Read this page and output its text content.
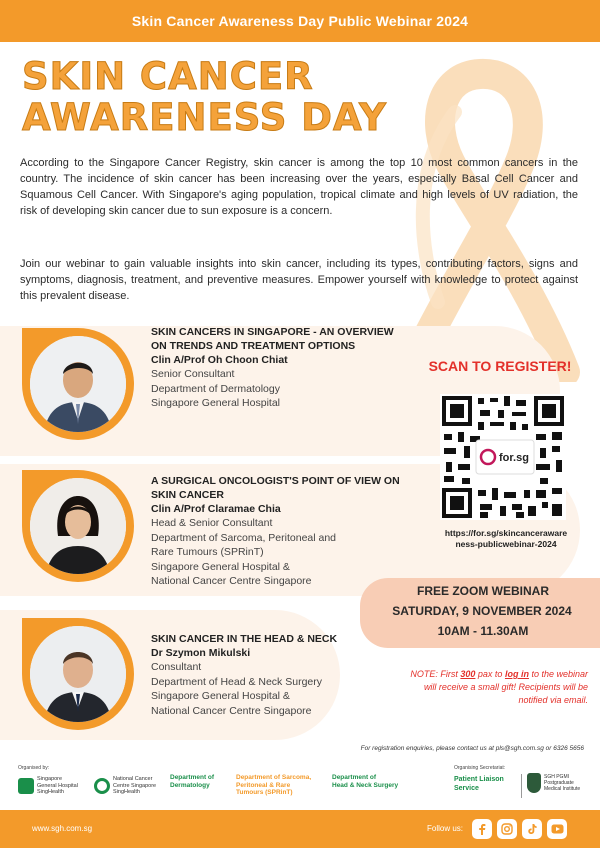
Skin Cancer Awareness Day Public Webinar 2024
SKIN CANCER
AWARENESS DAY

According to the Singapore Cancer Registry, skin cancer is among the top 10 most common cancers in the country. The incidence of skin cancer has been increasing over the years, especially Basal Cell Cancer and Squamous Cell Cancer. With Singapore's aging population, tropical climate and high levels of UV radiation, the risk of developing skin cancer due to sun exposure is a concern.

Join our webinar to gain valuable insights into skin cancer, including its types, contributing factors, signs and symptoms, diagnosis, treatment, and preventive measures. Empower yourself with knowledge to protect against this prevalent disease.

SKIN CANCERS IN SINGAPORE - AN OVERVIEW ON TRENDS AND TREATMENT OPTIONS
Clin A/Prof Oh Choon Chiat
Senior Consultant
Department of Dermatology
Singapore General Hospital
A SURGICAL ONCOLOGIST'S POINT OF VIEW ON SKIN CANCER
Clin A/Prof Claramae Chia
Head & Senior Consultant
Department of Sarcoma, Peritoneal and Rare Tumours (SPRinT)
Singapore General Hospital &
National Cancer Centre Singapore
SKIN CANCER IN THE HEAD & NECK
Dr Szymon Mikulski
Consultant
Department of Head & Neck Surgery
Singapore General Hospital &
National Cancer Centre Singapore
SCAN TO REGISTER!
for.sg
https://for.sg/skincanceraware
ness-publicwebinar-2024
FREE ZOOM WEBINAR
SATURDAY, 9 NOVEMBER 2024
10AM - 11.30AM
NOTE: First 300 pax to log in to the webinar will receive a small gift! Recipients will be notified via email.
For registration enquiries, please contact us at pls@sgh.com.sg or 6326 5656
Organised by:	Organising Secretariat:
Singapore
General Hospital
SingHealth
National Cancer
Centre Singapore
SingHealth
Department of
Dermatology
Department of Sarcoma,
Peritoneal & Rare
Tumours (SPRinT)
Department of
Head & Neck Surgery
Patient Liaison
Service
SGH PGMI
Postgraduate
Medical Institute
www.sgh.com.sg	Follow us:
